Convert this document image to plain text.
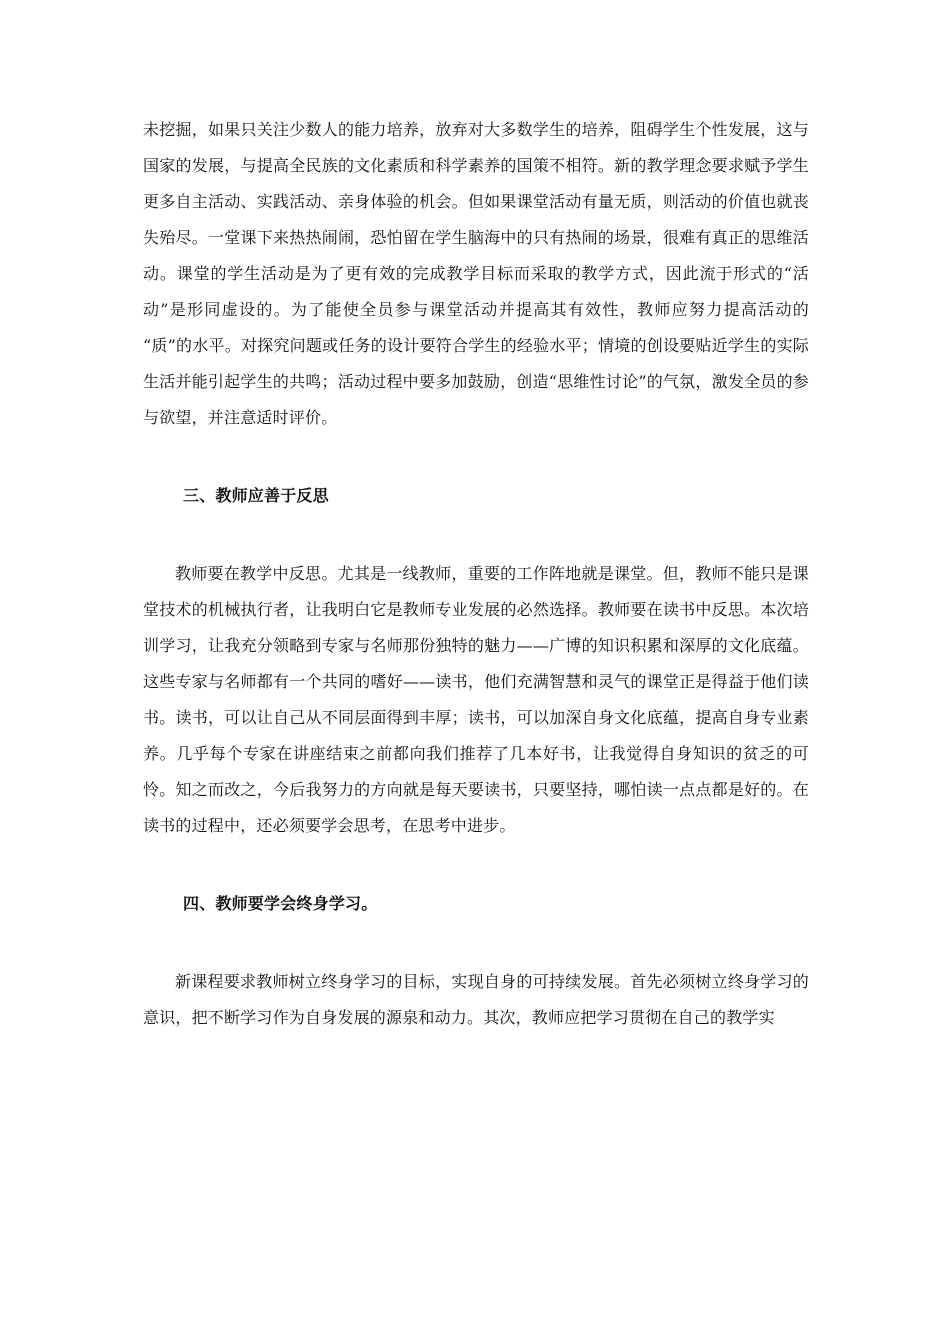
未挖掘，如果只关注少数人的能力培养，放弃对大多数学生的培养，阻碍学生个性发展，这与国家的发展，与提高全民族的文化素质和科学素养的国策不相符。新的教学理念要求赋予学生更多自主活动、实践活动、亲身体验的机会。但如果课堂活动有量无质，则活动的价值也就丧失殆尽。一堂课下来热热闹闹，恐怕留在学生脑海中的只有热闹的场景，很难有真正的思维活动。课堂的学生活动是为了更有效的完成教学目标而采取的教学方式，因此流于形式的“活动”是形同虚设的。为了能使全员参与课堂活动并提高其有效性，教师应努力提高活动的 “质”的水平。对探究问题或任务的设计要符合学生的经验水平；情境的创设要贴近学生的实际生活并能引起学生的共鸣；活动过程中要多加鼓励，创造“思维性讨论”的气氛，激发全员的参与欲望，并注意适时评价。

三、教师应善于反思

教师要在教学中反思。尤其是一线教师，重要的工作阵地就是课堂。但，教师不能只是课堂技术的机械执行者，让我明白它是教师专业发展的必然选择。教师要在读书中反思。本次培训学习，让我充分领略到专家与名师那份独特的魅力——广博的知识积累和深厚的文化底蕴。这些专家与名师都有一个共同的嗜好——读书，他们充满智慧和灵气的课堂正是得益于他们读书。读书，可以让自己从不同层面得到丰厚；读书，可以加深自身文化底蕴，提高自身专业素养。几乎每个专家在讲座结束之前都向我们推荐了几本好书，让我觉得自身知识的贫乏的可怜。知之而改之，今后我努力的方向就是每天要读书，只要坚持，哪怕读一点点都是好的。在读书的过程中，还必须要学会思考，在思考中进步。

四、教师要学会终身学习。

新课程要求教师树立终身学习的目标，实现自身的可持续发展。首先必须树立终身学习的意识，把不断学习作为自身发展的源泉和动力。其次，教师应把学习贯彻在自己的教学实
